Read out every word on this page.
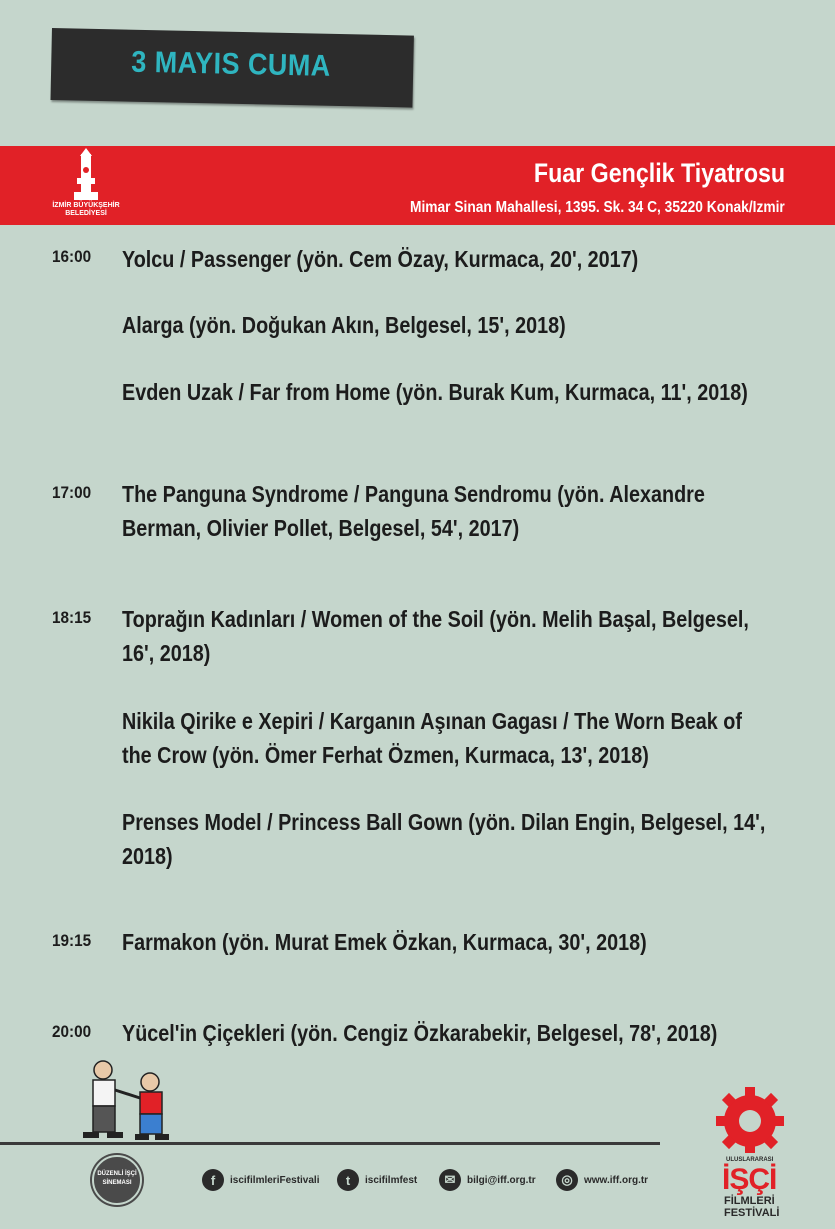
3 MAYIS CUMA
İZMİR BÜYÜKŞEHİR BELEDİYESİ
Fuar Gençlik Tiyatrosu
Mimar Sinan Mahallesi, 1395. Sk. 34 C, 35220 Konak/Izmir
16:00 Yolcu / Passenger (yön. Cem Özay, Kurmaca, 20', 2017)
Alarga (yön. Doğukan Akın, Belgesel, 15', 2018)
Evden Uzak / Far from Home (yön. Burak Kum, Kurmaca, 11', 2018)
17:00 The Panguna Syndrome / Panguna Sendromu (yön. Alexandre Berman, Olivier Pollet, Belgesel, 54', 2017)
18:15 Toprağın Kadınları / Women of the Soil (yön. Melih Başal, Belgesel, 16', 2018)
Nikila Qirike e Xepiri / Karganın Aşınan Gagası / The Worn Beak of the Crow (yön. Ömer Ferhat Özmen, Kurmaca, 13', 2018)
Prenses Model / Princess Ball Gown (yön. Dilan Engin, Belgesel, 14', 2018)
19:15 Farmakon (yön. Murat Emek Özkan, Kurmaca, 30', 2018)
20:00 Yücel'in Çiçekleri (yön. Cengiz Özkarabekir, Belgesel, 78', 2018)
DÜZENLİ İŞÇİ SİNEMASI	f	iscifilmleriFestivali	t	iscifilmfest	✉	bilgi@iff.org.tr	◎	www.iff.org.tr
ULUSLARARASI
İŞÇİ
FİLMLERİ
FESTİVALİ
